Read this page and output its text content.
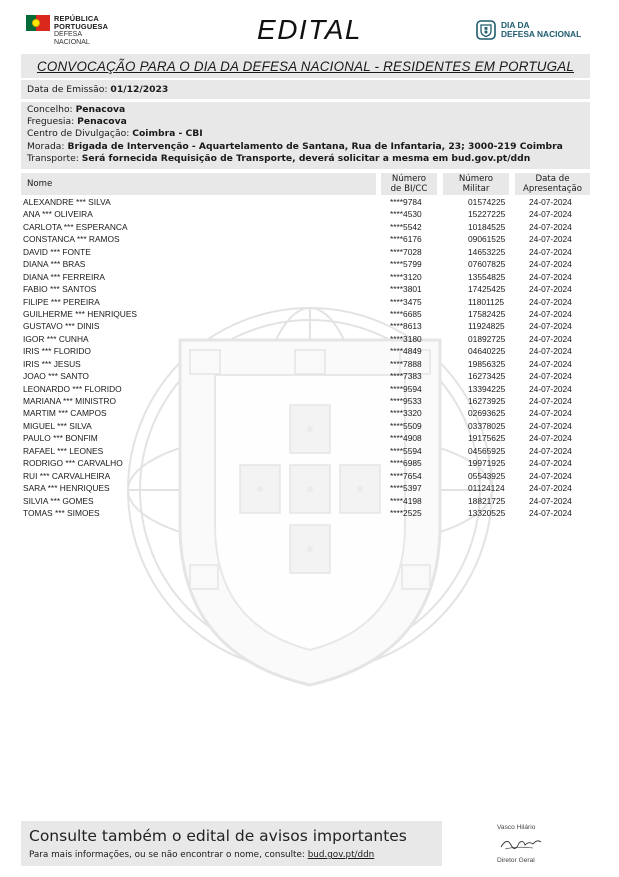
REPÚBLICA
PORTUGUESA
DEFESA
NACIONAL	EDITAL	DIA DA
DEFESA NACIONAL
CONVOCAÇÃO PARA O DIA DA DEFESA NACIONAL - RESIDENTES EM PORTUGAL
Data de Emissão:
01/12/2023
Concelho: Penacova
Freguesia: Penacova
Centro de Divulgação: Coimbra - CBI
Morada: Brigada de Intervenção - Aquartelamento de Santana, Rua de Infantaria, 23; 3000-219 Coimbra
Transporte: Será fornecida Requisição de Transporte, deverá solicitar a mesma em bud.gov.pt/ddn
Nome	Número
de BI/CC
Número
Militar
Data de
Apresentação
ALEXANDRE *** SILVA	****9784	01574225	24-07-2024
ANA *** OLIVEIRA	****4530	15227225	24-07-2024
CARLOTA *** ESPERANCA	****5542	10184525	24-07-2024
CONSTANCA *** RAMOS	****6176	09061525	24-07-2024
DAVID *** FONTE	****7028	14653225	24-07-2024
DIANA *** BRAS	****5799	07607825	24-07-2024
DIANA *** FERREIRA	****3120	13554825	24-07-2024
FABIO *** SANTOS	****3801	17425425	24-07-2024
FILIPE *** PEREIRA	****3475	11801125	24-07-2024
GUILHERME *** HENRIQUES	****6685	17582425	24-07-2024
GUSTAVO *** DINIS	****8613	11924825	24-07-2024
IGOR *** CUNHA	****3180	01892725	24-07-2024
IRIS *** FLORIDO	****4849	04640225	24-07-2024
IRIS *** JESUS	****7888	19856325	24-07-2024
JOAO *** SANTO	****7383	16273425	24-07-2024
LEONARDO *** FLORIDO	****9594	13394225	24-07-2024
MARIANA *** MINISTRO	****9533	16273925	24-07-2024
MARTIM *** CAMPOS	****3320	02693625	24-07-2024
MIGUEL *** SILVA	****5509	03378025	24-07-2024
PAULO *** BONFIM	****4908	19175625	24-07-2024
RAFAEL *** LEONES	****5594	04565925	24-07-2024
RODRIGO *** CARVALHO	****6985	19971925	24-07-2024
RUI *** CARVALHEIRA	****7654	05543925	24-07-2024
SARA *** HENRIQUES	****5397	01124124	24-07-2024
SILVIA *** GOMES	****4198	18821725	24-07-2024
TOMAS *** SIMOES	****2525	13320525	24-07-2024
Consulte também o edital de avisos importantes
Para mais informações, ou se não encontrar o nome, consulte: bud.gov.pt/ddn
Vasco Hilário
Diretor Geral
